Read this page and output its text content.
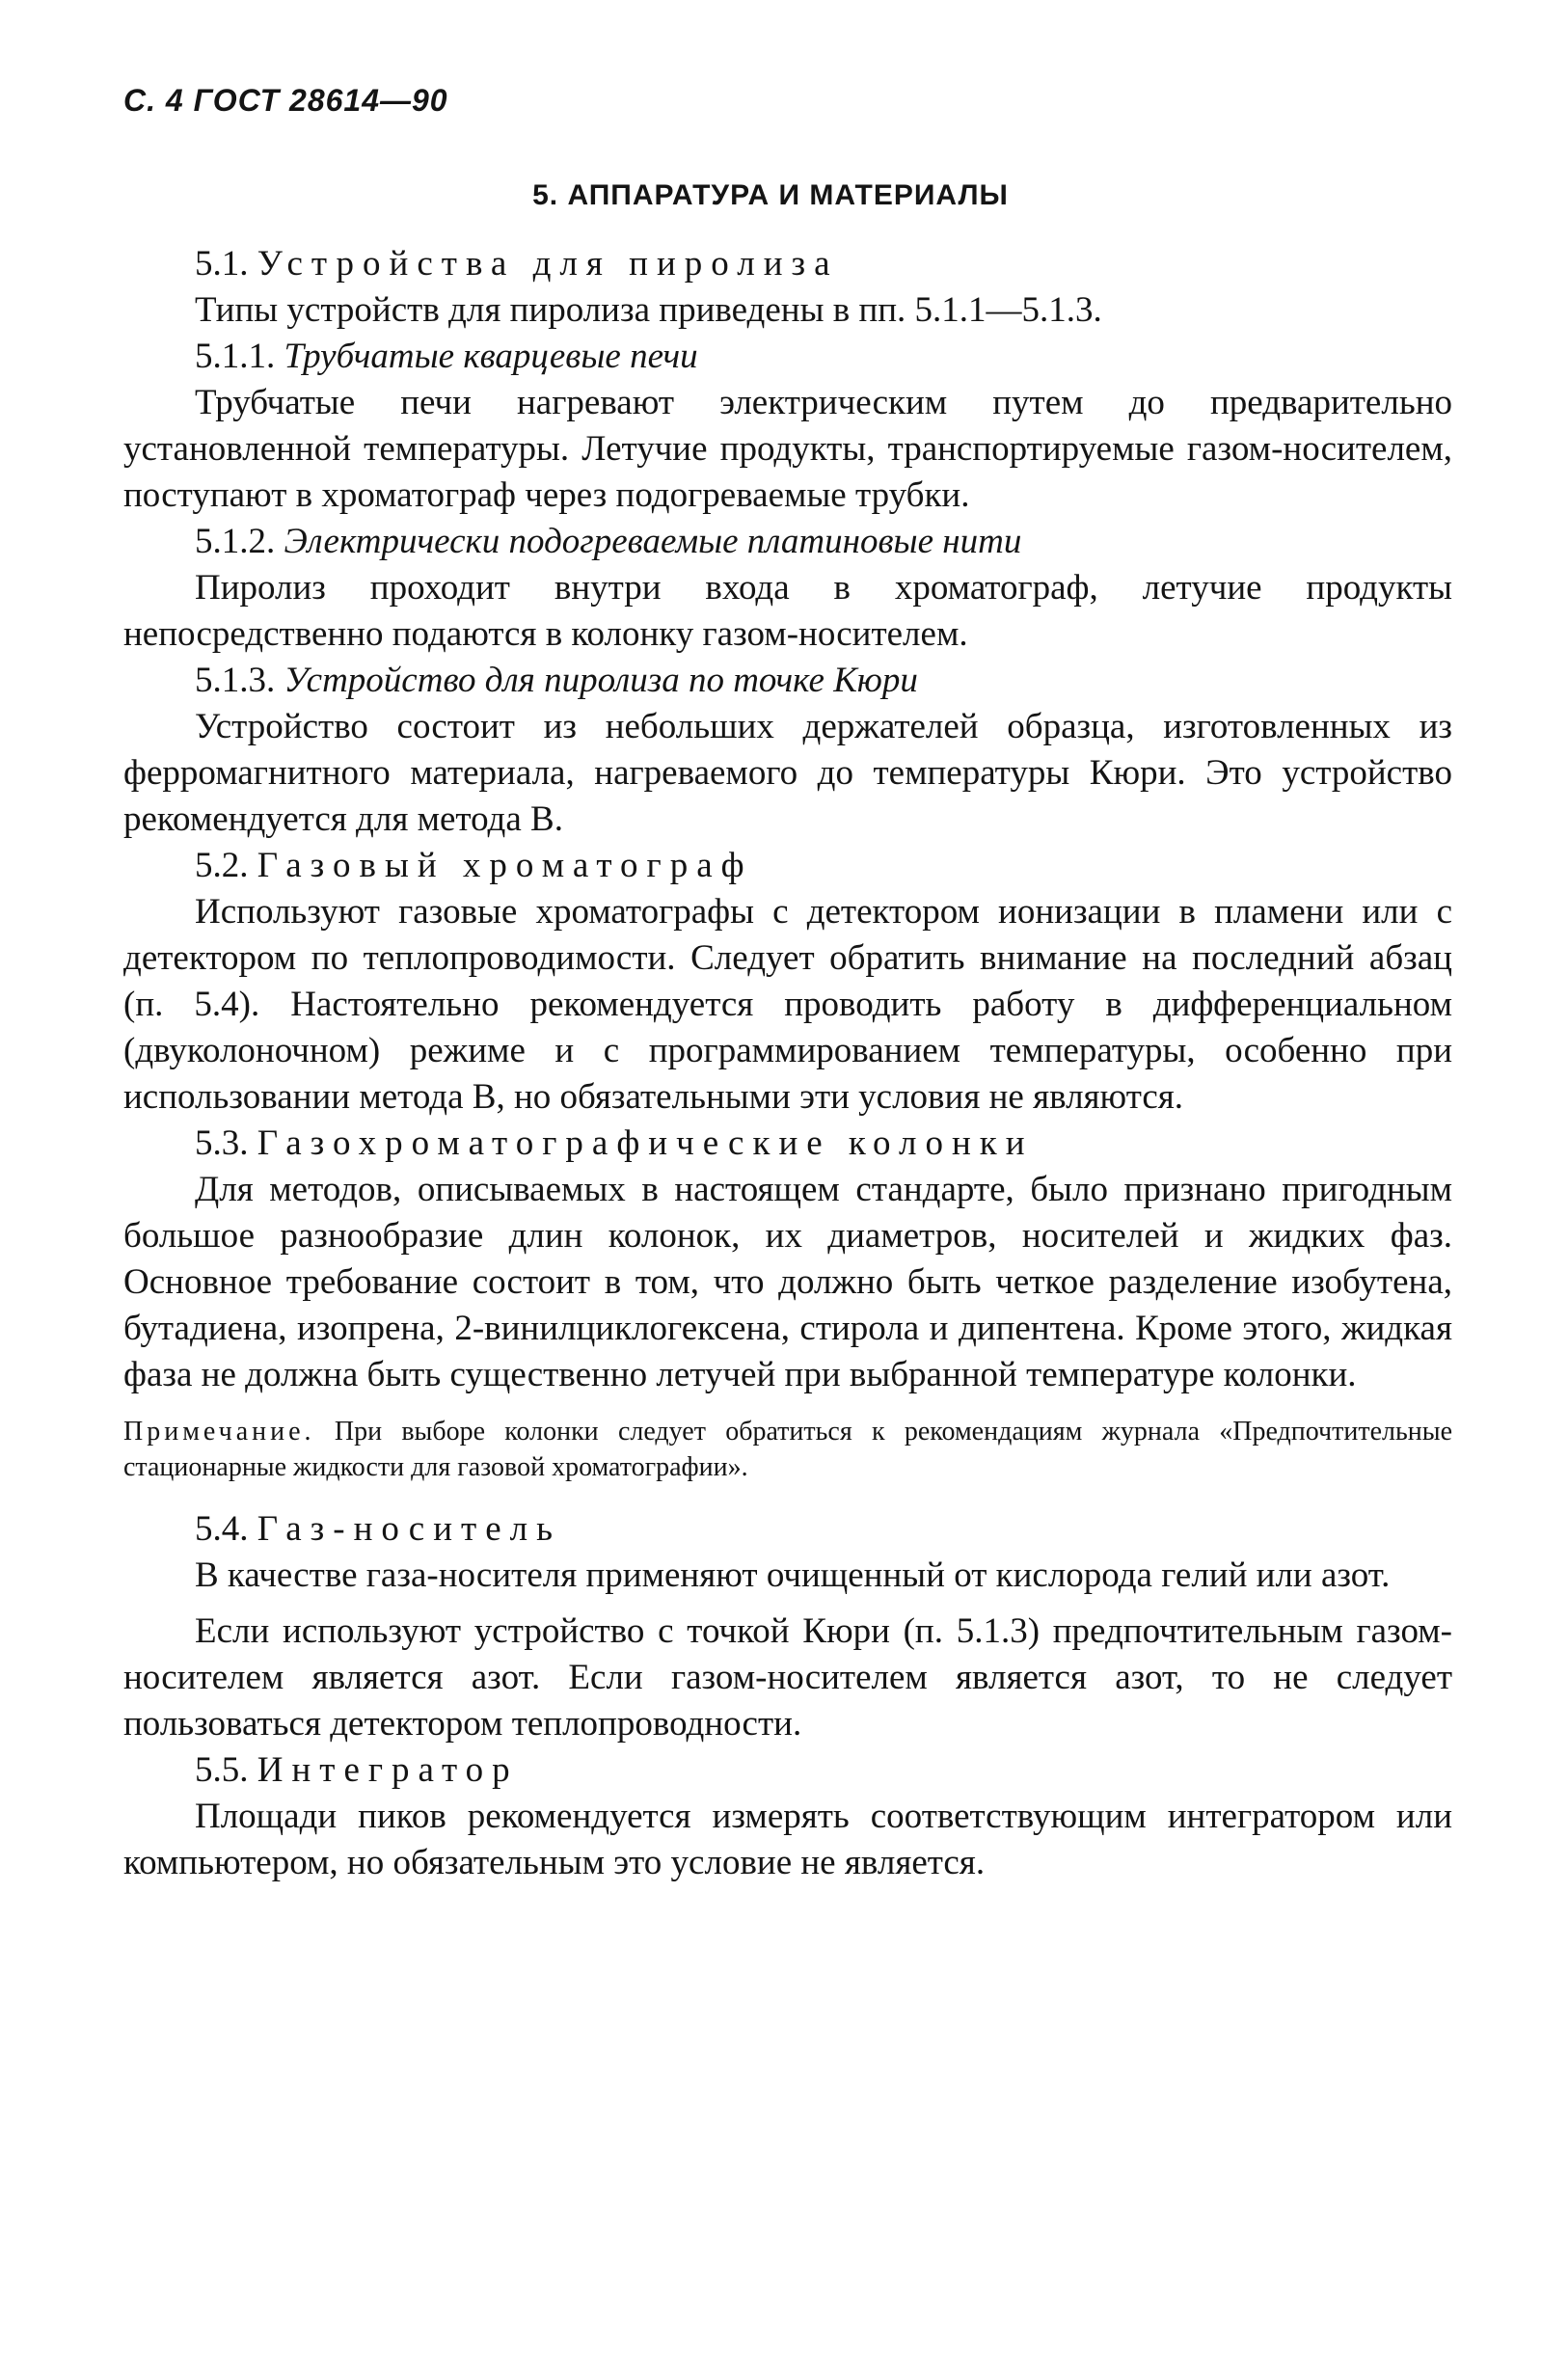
С. 4 ГОСТ 28614—90
5. АППАРАТУРА И МАТЕРИАЛЫ

5.1. Устройства для пиролиза

Типы устройств для пиролиза приведены в пп. 5.1.1—5.1.3.

5.1.1. Трубчатые кварцевые печи

Трубчатые печи нагревают электрическим путем до предварительно установленной температуры. Летучие продукты, транспортируемые газом-носителем, поступают в хроматограф через подогреваемые трубки.

5.1.2. Электрически подогреваемые платиновые нити

Пиролиз проходит внутри входа в хроматограф, летучие продукты непосредственно подаются в колонку газом-носителем.

5.1.3. Устройство для пиролиза по точке Кюри

Устройство состоит из небольших держателей образца, изготовленных из ферромагнитного материала, нагреваемого до температуры Кюри. Это устройство рекомендуется для метода В.

5.2. Газовый хроматограф

Используют газовые хроматографы с детектором ионизации в пламени или с детектором по теплопроводимости. Следует обратить внимание на последний абзац (п. 5.4). Настоятельно рекомендуется проводить работу в дифференциальном (двуколоночном) режиме и с программированием температуры, особенно при использовании метода В, но обязательными эти условия не являются.

5.3. Газохроматографические колонки

Для методов, описываемых в настоящем стандарте, было признано пригодным большое разнообразие длин колонок, их диаметров, носителей и жидких фаз. Основное требование состоит в том, что должно быть четкое разделение изобутена, бутадиена, изопрена, 2-винилциклогексена, стирола и дипентена. Кроме этого, жидкая фаза не должна быть существенно летучей при выбранной температуре колонки.

Примечание. При выборе колонки следует обратиться к рекомендациям журнала «Предпочтительные стационарные жидкости для газовой хроматографии».

5.4. Газ-носитель

В качестве газа-носителя применяют очищенный от кислорода гелий или азот.

Если используют устройство с точкой Кюри (п. 5.1.3) предпочтительным газом-носителем является азот. Если газом-носителем является азот, то не следует пользоваться детектором теплопроводности.

5.5. Интегратор

Площади пиков рекомендуется измерять соответствующим интегратором или компьютером, но обязательным это условие не является.
